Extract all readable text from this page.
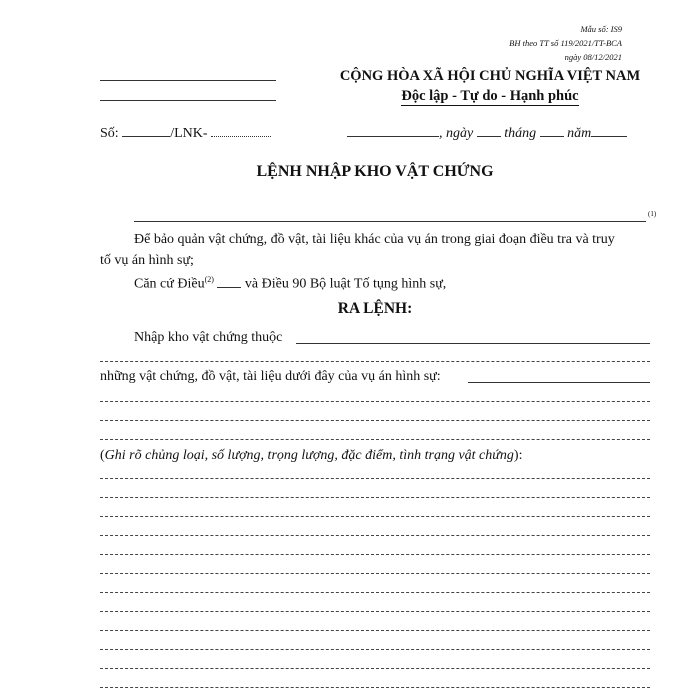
Mẫu số: IS9
BH theo TT số 119/2021/TT-BCA
ngày 08/12/2021
CỘNG HÒA XÃ HỘI CHỦ NGHĨA VIỆT NAM
Độc lập - Tự do - Hạnh phúc
Số:	/LNK-	, ngày tháng năm
LỆNH NHẬP KHO VẬT CHỨNG
(1)
Để bảo quản vật chứng, đồ vật, tài liệu khác của vụ án trong giai đoạn điều tra và truy
tố vụ án hình sự;
Căn cứ Điều$^{(2)}$ và Điều 90 Bộ luật Tố tụng hình sự,
RA LỆNH:
Nhập kho vật chứng thuộc
những vật chứng, đồ vật, tài liệu dưới đây của vụ án hình sự:
(Ghi rõ chủng loại, số lượng, trọng lượng, đặc điểm, tình trạng vật chứng):
